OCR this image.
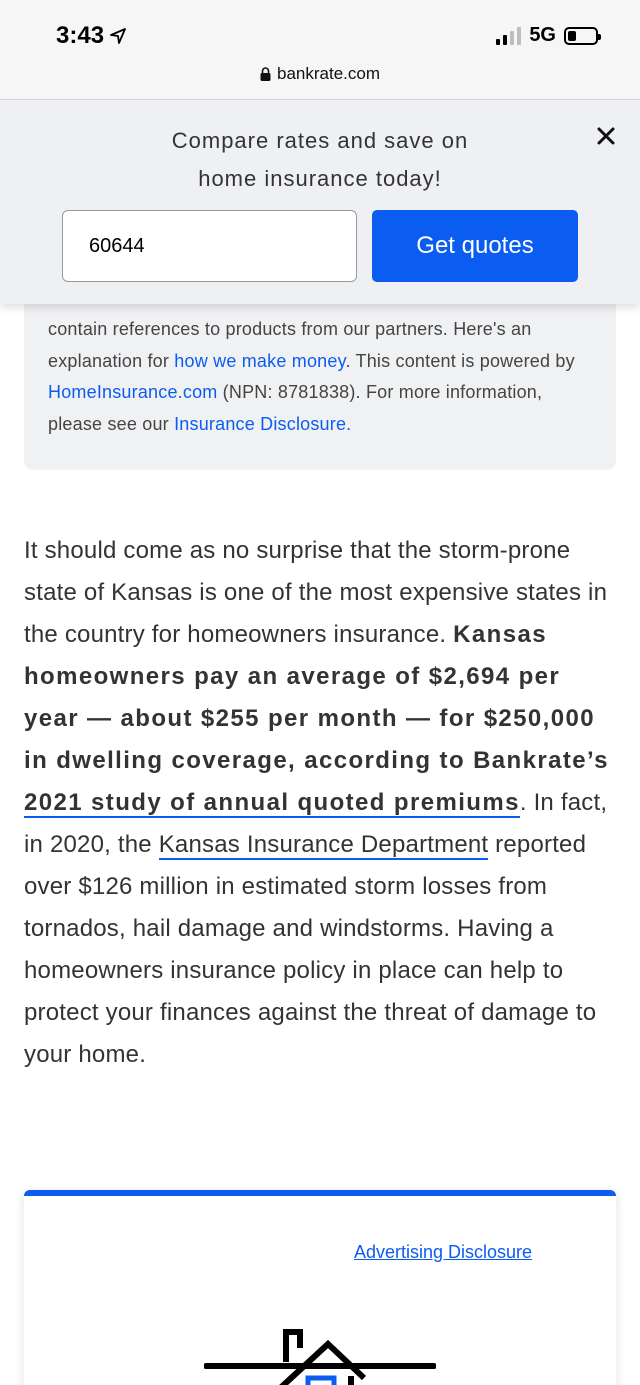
3:43	5G
bankrate.com
Compare rates and save on
home insurance today!
60644
Get quotes
contain references to products from our partners. Here's an explanation for how we make money. This content is powered by HomeInsurance.com (NPN: 8781838). For more information, please see our Insurance Disclosure.
It should come as no surprise that the storm-prone state of Kansas is one of the most expensive states in the country for homeowners insurance. Kansas homeowners pay an average of $2,694 per year — about $255 per month — for $250,000 in dwelling coverage, according to Bankrate’s 2021 study of annual quoted premiums. In fact, in 2020, the Kansas Insurance Department reported over $126 million in estimated storm losses from tornados, hail damage and windstorms. Having a homeowners insurance policy in place can help to protect your finances against the threat of damage to your home.
Advertising Disclosure
